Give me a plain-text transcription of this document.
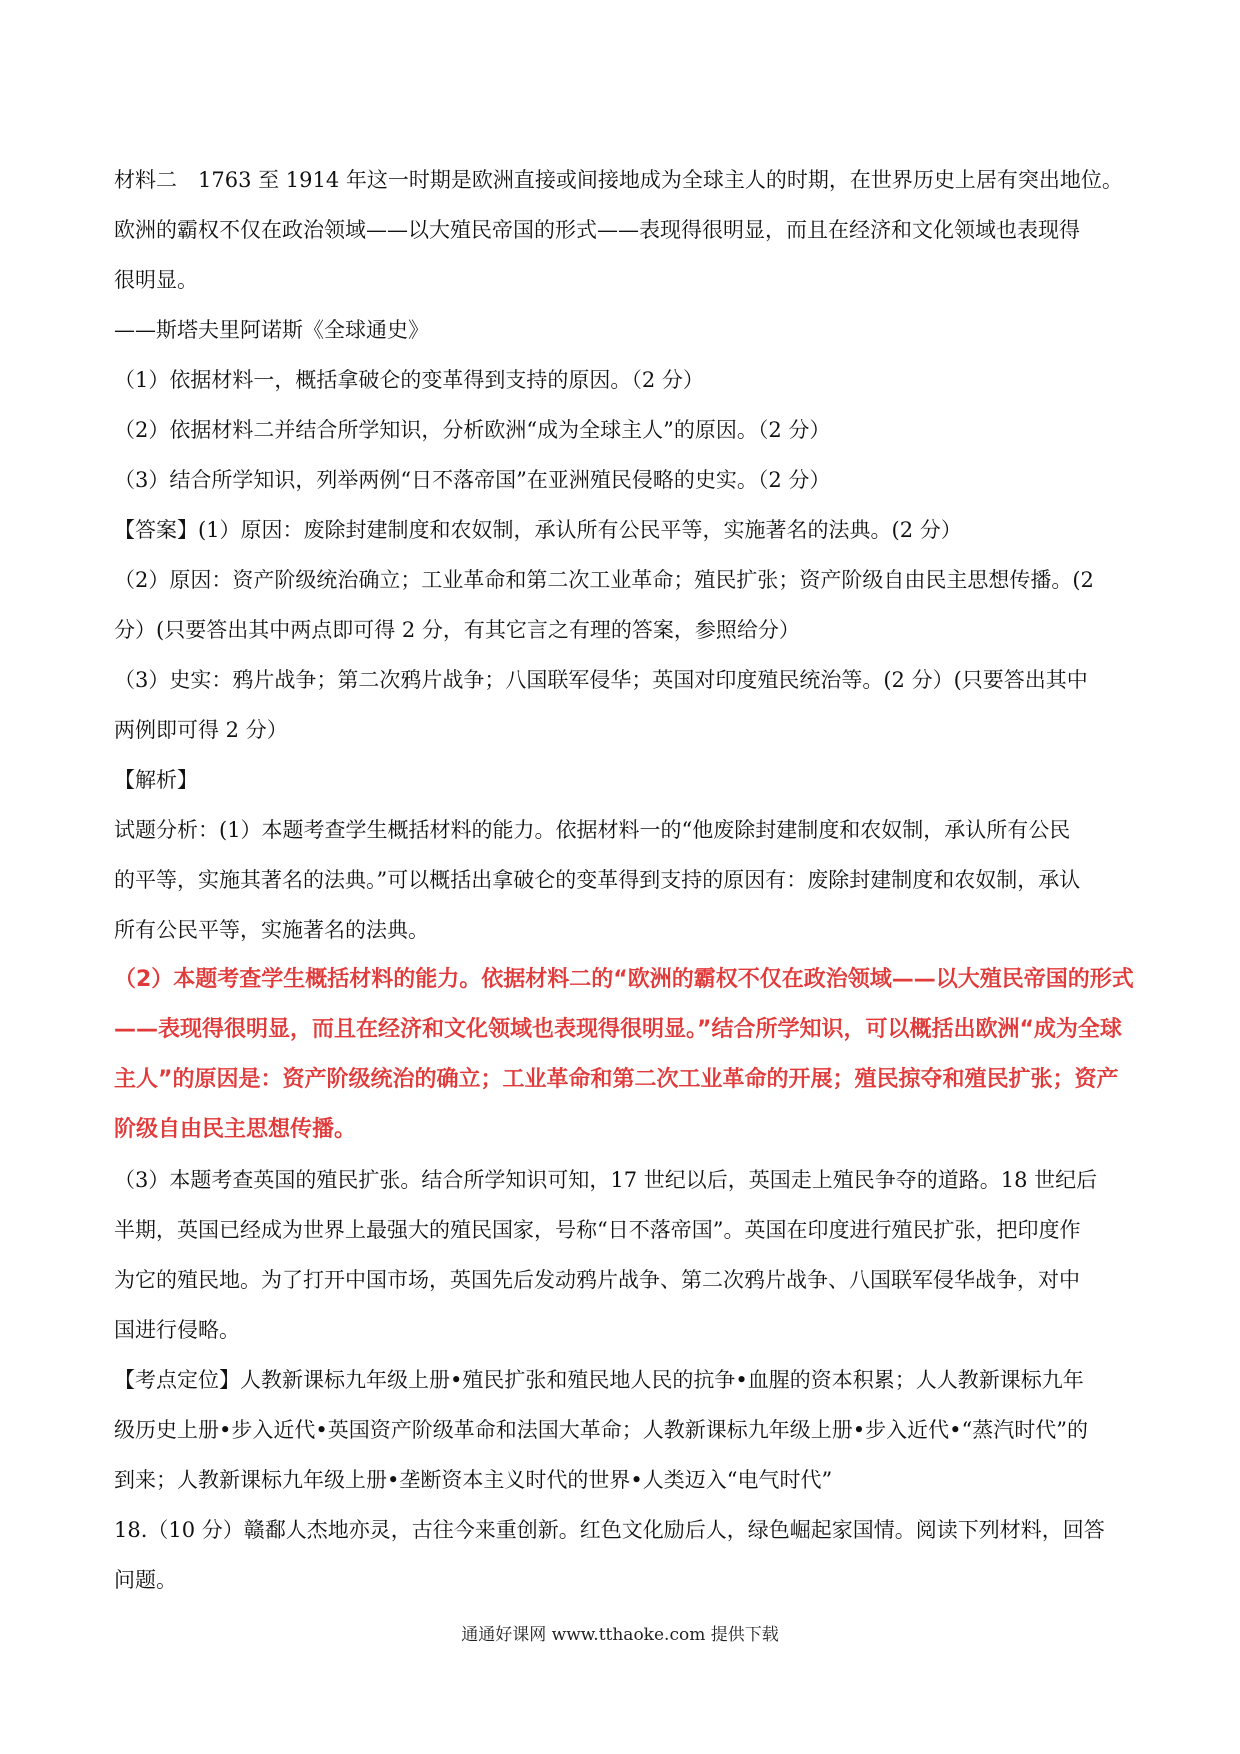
材料二　1763 至 1914 年这一时期是欧洲直接或间接地成为全球主人的时期，在世界历史上居有突出地位。
欧洲的霸权不仅在政治领域——以大殖民帝国的形式——表现得很明显，而且在经济和文化领域也表现得
很明显。
——斯塔夫里阿诺斯《全球通史》
（1）依据材料一，概括拿破仑的变革得到支持的原因。（2 分）
（2）依据材料二并结合所学知识，分析欧洲“成为全球主人”的原因。（2 分）
（3）结合所学知识，列举两例“日不落帝国”在亚洲殖民侵略的史实。（2 分）
【答案】(1）原因：废除封建制度和农奴制，承认所有公民平等，实施著名的法典。(2 分）
（2）原因：资产阶级统治确立；工业革命和第二次工业革命；殖民扩张；资产阶级自由民主思想传播。(2
分）(只要答出其中两点即可得 2 分，有其它言之有理的答案，参照给分）
（3）史实：鸦片战争；第二次鸦片战争；八国联军侵华；英国对印度殖民统治等。(2 分）(只要答出其中
两例即可得 2 分）
【解析】
试题分析：(1）本题考查学生概括材料的能力。依据材料一的“他废除封建制度和农奴制，承认所有公民
的平等，实施其著名的法典。”可以概括出拿破仑的变革得到支持的原因有：废除封建制度和农奴制，承认
所有公民平等，实施著名的法典。
（2）本题考查学生概括材料的能力。依据材料二的“欧洲的霸权不仅在政治领域——以大殖民帝国的形式
——表现得很明显，而且在经济和文化领域也表现得很明显。”结合所学知识，可以概括出欧洲“成为全球
主人”的原因是：资产阶级统治的确立；工业革命和第二次工业革命的开展；殖民掠夺和殖民扩张；资产
阶级自由民主思想传播。
（3）本题考查英国的殖民扩张。结合所学知识可知，17 世纪以后，英国走上殖民争夺的道路。18 世纪后
半期，英国已经成为世界上最强大的殖民国家，号称“日不落帝国”。英国在印度进行殖民扩张，把印度作
为它的殖民地。为了打开中国市场，英国先后发动鸦片战争、第二次鸦片战争、八国联军侵华战争，对中
国进行侵略。
【考点定位】人教新课标九年级上册•殖民扩张和殖民地人民的抗争•血腥的资本积累；人人教新课标九年
级历史上册•步入近代•英国资产阶级革命和法国大革命；人教新课标九年级上册•步入近代•“蒸汽时代”的
到来；人教新课标九年级上册•垄断资本主义时代的世界•人类迈入“电气时代”
18.（10 分）赣鄱人杰地亦灵，古往今来重创新。红色文化励后人，绿色崛起家国情。阅读下列材料，回答
问题。
通通好课网 www.tthaoke.com 提供下载
